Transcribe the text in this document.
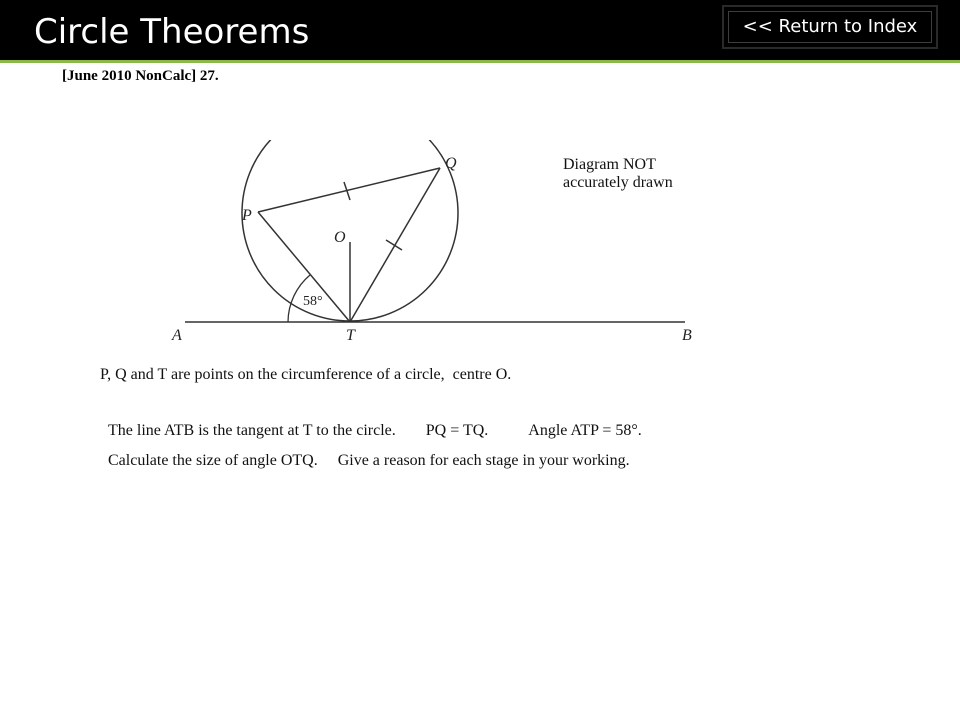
Circle Theorems	<< Return to Index
[June 2010 NonCalc] 27.
P
Q
O
T
A	B
58°
Diagram NOT
accurately drawn
P, Q and T are points on the circumference of a circle,  centre O.

The line ATB is the tangent at T to the circle. PQ = TQ.	Angle ATP = 58°.

Calculate the size of angle OTQ. Give a reason for each stage in your working.
